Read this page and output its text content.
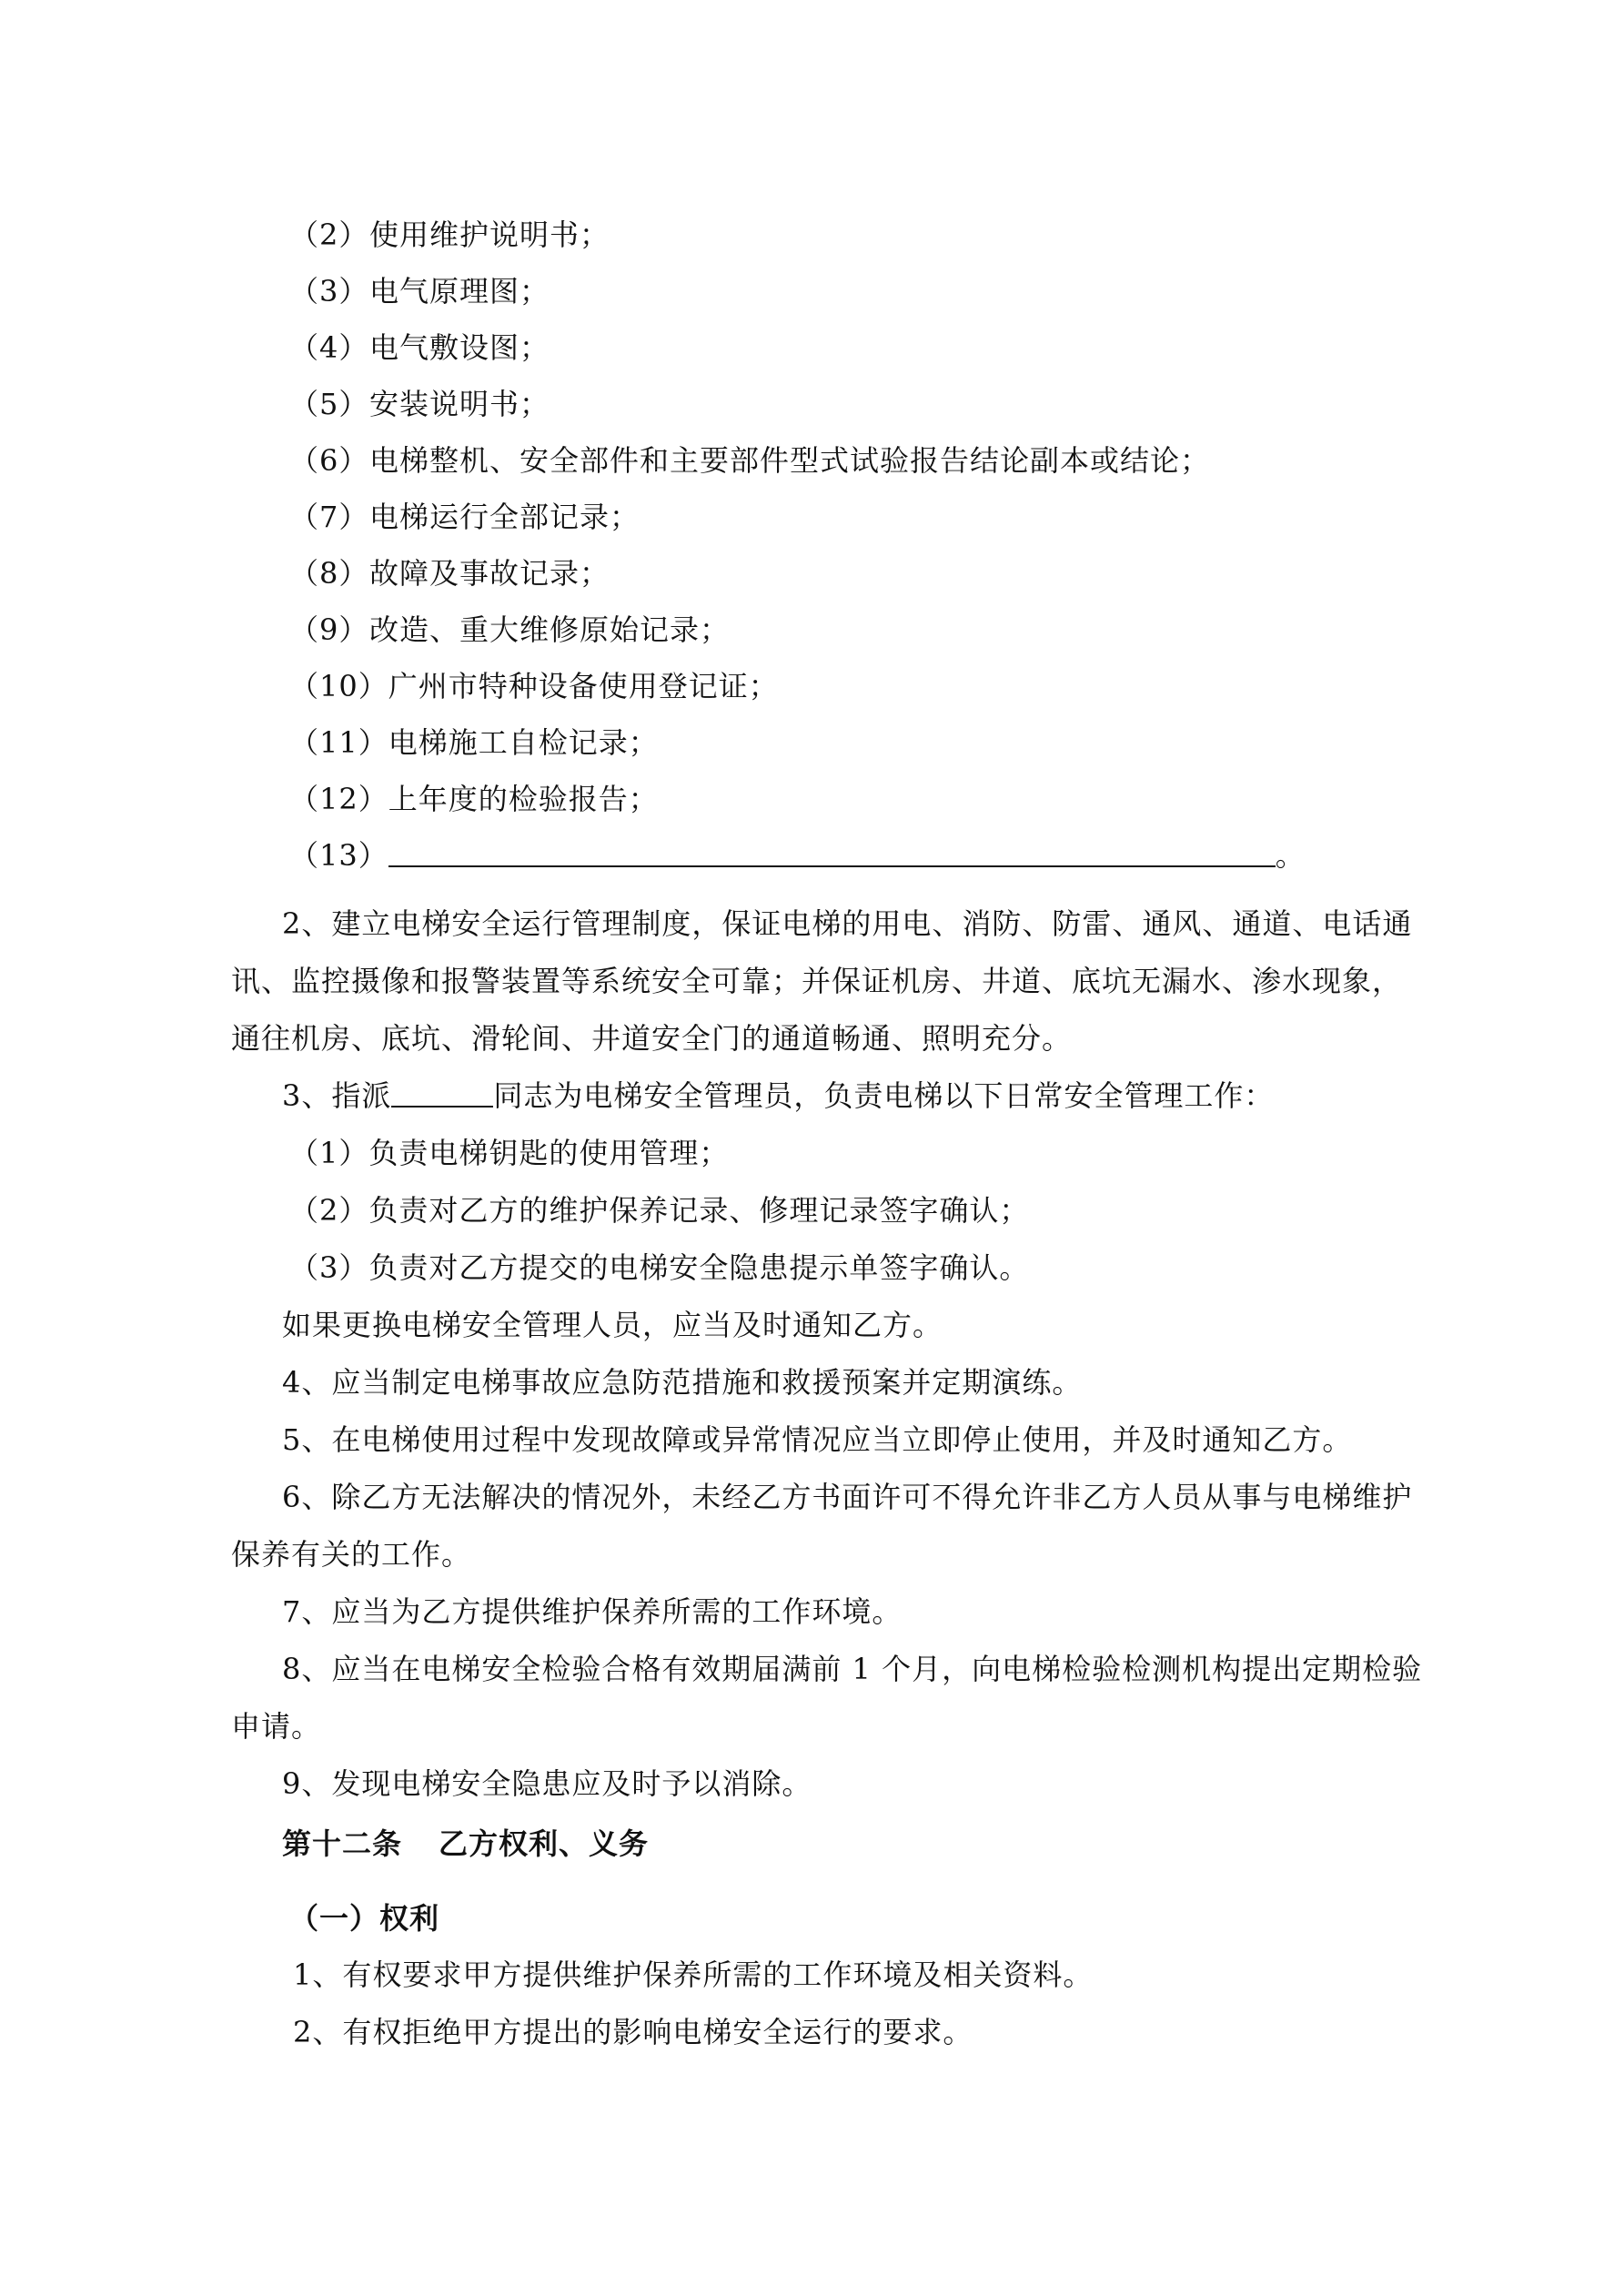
（2）使用维护说明书；
（3）电气原理图；
（4）电气敷设图；
（5）安装说明书；
（6）电梯整机、安全部件和主要部件型式试验报告结论副本或结论；
（7）电梯运行全部记录；
（8）故障及事故记录；
（9）改造、重大维修原始记录；
（10）广州市特种设备使用登记证；
（11）电梯施工自检记录；
（12）上年度的检验报告；
（13）	。
2、建立电梯安全运行管理制度，保证电梯的用电、消防、防雷、通风、通道、电话通
讯、监控摄像和报警装置等系统安全可靠；并保证机房、井道、底坑无漏水、渗水现象，
通往机房、底坑、滑轮间、井道安全门的通道畅通、照明充分。
3、指派	同志为电梯安全管理员，负责电梯以下日常安全管理工作：
（1）负责电梯钥匙的使用管理；
（2）负责对乙方的维护保养记录、修理记录签字确认；
（3）负责对乙方提交的电梯安全隐患提示单签字确认。
如果更换电梯安全管理人员，应当及时通知乙方。
4、应当制定电梯事故应急防范措施和救援预案并定期演练。
5、在电梯使用过程中发现故障或异常情况应当立即停止使用，并及时通知乙方。
6、除乙方无法解决的情况外，未经乙方书面许可不得允许非乙方人员从事与电梯维护
保养有关的工作。
7、应当为乙方提供维护保养所需的工作环境。
8、应当在电梯安全检验合格有效期届满前 1 个月，向电梯检验检测机构提出定期检验
申请。
9、发现电梯安全隐患应及时予以消除。
第十二条 乙方权利、义务
（一）权利
1、有权要求甲方提供维护保养所需的工作环境及相关资料。
2、有权拒绝甲方提出的影响电梯安全运行的要求。
